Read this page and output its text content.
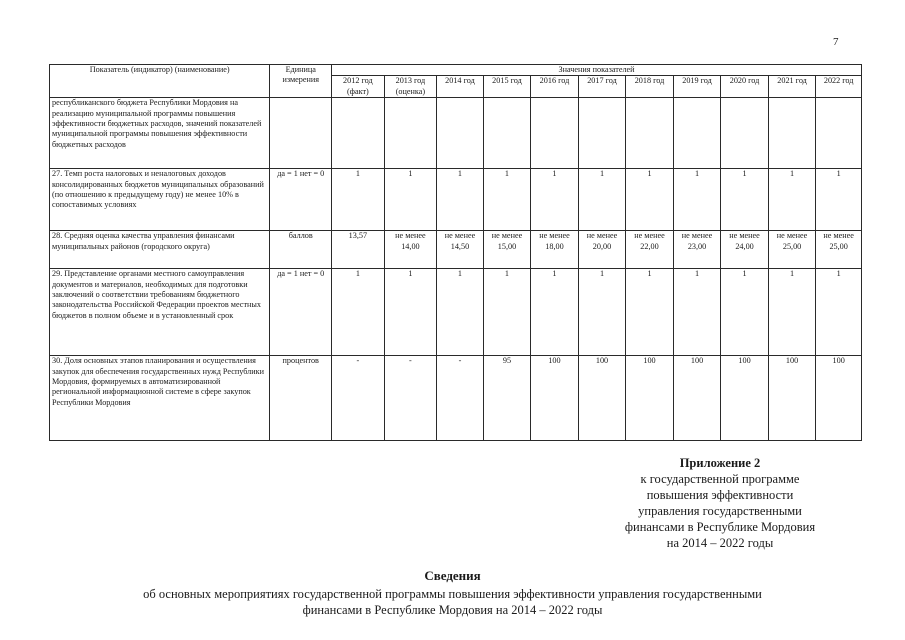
7
Показатель (индикатор) (наименование)	Единица измерения	Значения показателей										
		2012 год (факт)	2013 год (оценка)	2014 год	2015 год	2016 год	2017 год	2018 год	2019 год	2020 год	2021 год	2022 год
республиканского бюджета Республики Мордовия на реализацию муниципальной программы повышения эффективности бюджетных расходов, значений показателей муниципальной программы повышения эффективности бюджетных расходов												
27. Темп роста налоговых и неналоговых доходов консолидированных бюджетов муниципальных образований (по отношению к предыдущему году) не менее 10% в сопоставимых условиях	да = 1 нет = 0	1	1	1	1	1	1	1	1	1	1	1
28. Средняя оценка качества управления финансами муниципальных районов (городского округа)	баллов	13,57	не менее 14,00	не менее 14,50	не менее 15,00	не менее 18,00	не менее 20,00	не менее 22,00	не менее 23,00	не менее 24,00	не менее 25,00	не менее 25,00
29. Представление органами местного самоуправления документов и материалов, необходимых для подготовки заключений о соответствии требованиям бюджетного законодательства Российской Федерации проектов местных бюджетов в полном объеме и в установленный срок	да = 1 нет = 0	1	1	1	1	1	1	1	1	1	1	1
30. Доля основных этапов планирования и осуществления закупок для обеспечения государственных нужд Республики Мордовия, формируемых в автоматизированной региональной информационной системе в сфере закупок Республики Мордовия	процентов	-	-	-	95	100	100	100	100	100	100	100
Приложение 2
к государственной программе
повышения эффективности
управления государственными
финансами в Республике Мордовия
на 2014 – 2022 годы
Сведения
об основных мероприятиях государственной программы повышения эффективности управления государственными
финансами в Республике Мордовия на 2014 – 2022 годы
